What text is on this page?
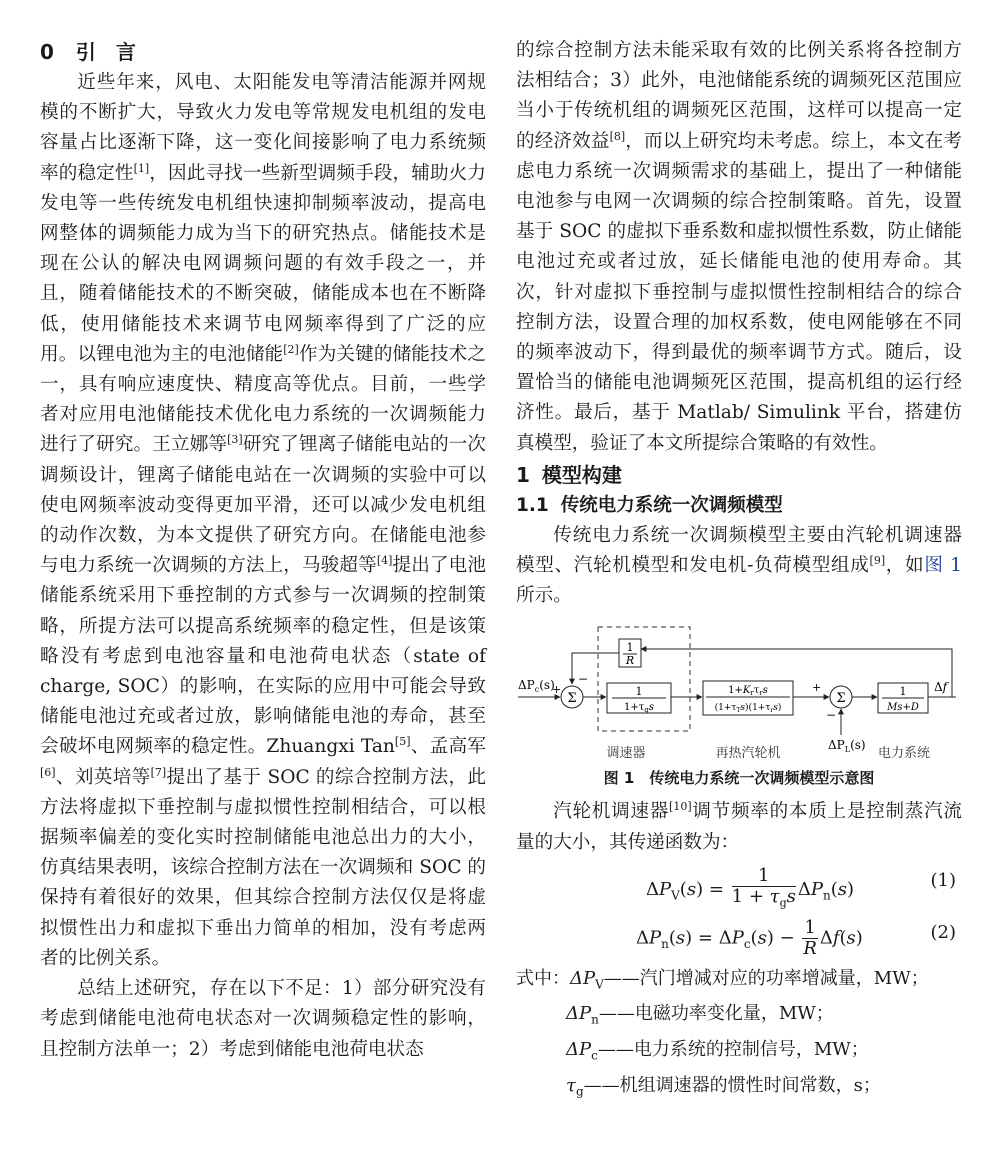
0 引　言

近些年来，风电、太阳能发电等清洁能源并网规模的不断扩大，导致火力发电等常规发电机组的发电容量占比逐渐下降，这一变化间接影响了电力系统频率的稳定性[1]，因此寻找一些新型调频手段，辅助火力发电等一些传统发电机组快速抑制频率波动，提高电网整体的调频能力成为当下的研究热点。储能技术是现在公认的解决电网调频问题的有效手段之一，并且，随着储能技术的不断突破，储能成本也在不断降低，使用储能技术来调节电网频率得到了广泛的应用。以锂电池为主的电池储能[2]作为关键的储能技术之一，具有响应速度快、精度高等优点。目前，一些学者对应用电池储能技术优化电力系统的一次调频能力进行了研究。王立娜等[3]研究了锂离子储能电站的一次调频设计，锂离子储能电站在一次调频的实验中可以使电网频率波动变得更加平滑，还可以减少发电机组的动作次数，为本文提供了研究方向。在储能电池参与电力系统一次调频的方法上，马骏超等[4]提出了电池储能系统采用下垂控制的方式参与一次调频的控制策略，所提方法可以提高系统频率的稳定性，但是该策略没有考虑到电池容量和电池荷电状态（state of charge, SOC）的影响，在实际的应用中可能会导致储能电池过充或者过放，影响储能电池的寿命，甚至会破坏电网频率的稳定性。Zhuangxi Tan[5]、孟高军[6]、刘英培等[7]提出了基于 SOC 的综合控制方法，此方法将虚拟下垂控制与虚拟惯性控制相结合，可以根据频率偏差的变化实时控制储能电池总出力的大小，仿真结果表明，该综合控制方法在一次调频和 SOC 的保持有着很好的效果，但其综合控制方法仅仅是将虚拟惯性出力和虚拟下垂出力简单的相加，没有考虑两者的比例关系。

总结上述研究，存在以下不足：1）部分研究没有考虑到储能电池荷电状态对一次调频稳定性的影响，且控制方法单一；2）考虑到储能电池荷电状态

的综合控制方法未能采取有效的比例关系将各控制方法相结合；3）此外，电池储能系统的调频死区范围应当小于传统机组的调频死区范围，这样可以提高一定的经济效益[8]，而以上研究均未考虑。综上，本文在考虑电力系统一次调频需求的基础上，提出了一种储能电池参与电网一次调频的综合控制策略。首先，设置基于 SOC 的虚拟下垂系数和虚拟惯性系数，防止储能电池过充或者过放，延长储能电池的使用寿命。其次，针对虚拟下垂控制与虚拟惯性控制相结合的综合控制方法，设置合理的加权系数，使电网能够在不同的频率波动下，得到最优的频率调节方式。随后，设置恰当的储能电池调频死区范围，提高机组的运行经济性。最后，基于 Matlab/ Simulink 平台，搭建仿真模型，验证了本文所提综合策略的有效性。

1 模型构建
1.1 传统电力系统一次调频模型

传统电力系统一次调频模型主要由汽轮机调速器模型、汽轮机模型和发电机-负荷模型组成[9]，如图 1所示。

1
R
$\Delta P_c(s)$
Σ
+
−
1
$1+\tau_gs$
$1+K_r\tau_rs$
$(1+\tau_Ts)(1+\tau_rs)$
+
Σ
−
$\Delta P_L(s)$
1
Ms+D
Δf
调速器	再热汽轮机	电力系统
图 1　传统电力系统一次调频模型示意图

汽轮机调速器[10]调节频率的本质上是控制蒸汽流量的大小，其传递函数为：

$\Delta P_V(s) = \frac{1}{1 + \tau_gs} \Delta P_n(s)$	(1)
$\Delta P_n(s) = \Delta P_c(s) - \frac{1}{R} \Delta f(s)$	(2)
式中：$\Delta P_V——$汽门增减对应的功率增减量，MW；
$\Delta P_n——$电磁功率变化量，MW；
$\Delta P_c——$电力系统的控制信号，MW；
$\tau_g——$机组调速器的惯性时间常数，s；
